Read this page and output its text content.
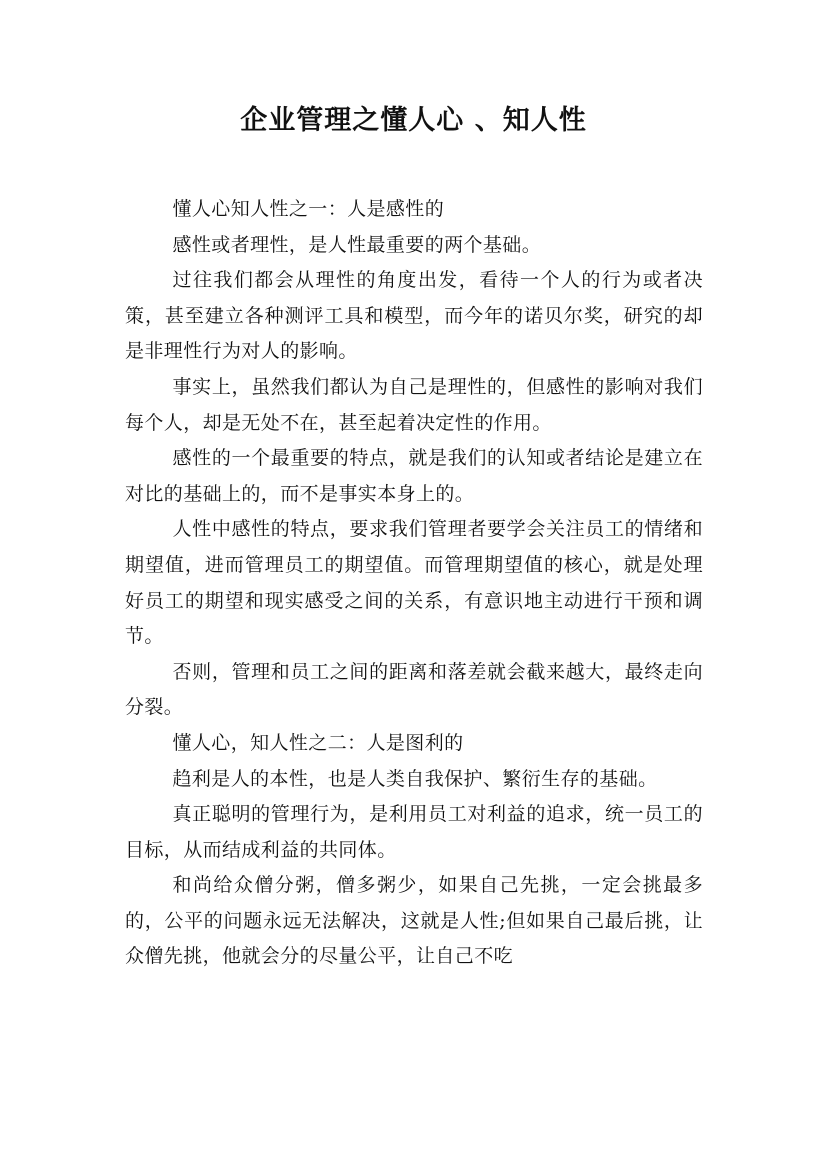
企业管理之懂人心 、知人性

懂人心知人性之一：人是感性的

感性或者理性，是人性最重要的两个基础。

过往我们都会从理性的角度出发，看待一个人的行为或者决策，甚至建立各种测评工具和模型，而今年的诺贝尔奖，研究的却是非理性行为对人的影响。

事实上，虽然我们都认为自己是理性的，但感性的影响对我们每个人，却是无处不在，甚至起着决定性的作用。

感性的一个最重要的特点，就是我们的认知或者结论是建立在对比的基础上的，而不是事实本身上的。

人性中感性的特点，要求我们管理者要学会关注员工的情绪和期望值，进而管理员工的期望值。而管理期望值的核心，就是处理好员工的期望和现实感受之间的关系，有意识地主动进行干预和调节。

否则，管理和员工之间的距离和落差就会截来越大，最终走向分裂。

懂人心，知人性之二：人是图利的

趋利是人的本性，也是人类自我保护、繁衍生存的基础。

真正聪明的管理行为，是利用员工对利益的追求，统一员工的目标，从而结成利益的共同体。

和尚给众僧分粥，僧多粥少，如果自己先挑，一定会挑最多的，公平的问题永远无法解决，这就是人性;但如果自己最后挑，让众僧先挑，他就会分的尽量公平，让自己不吃
